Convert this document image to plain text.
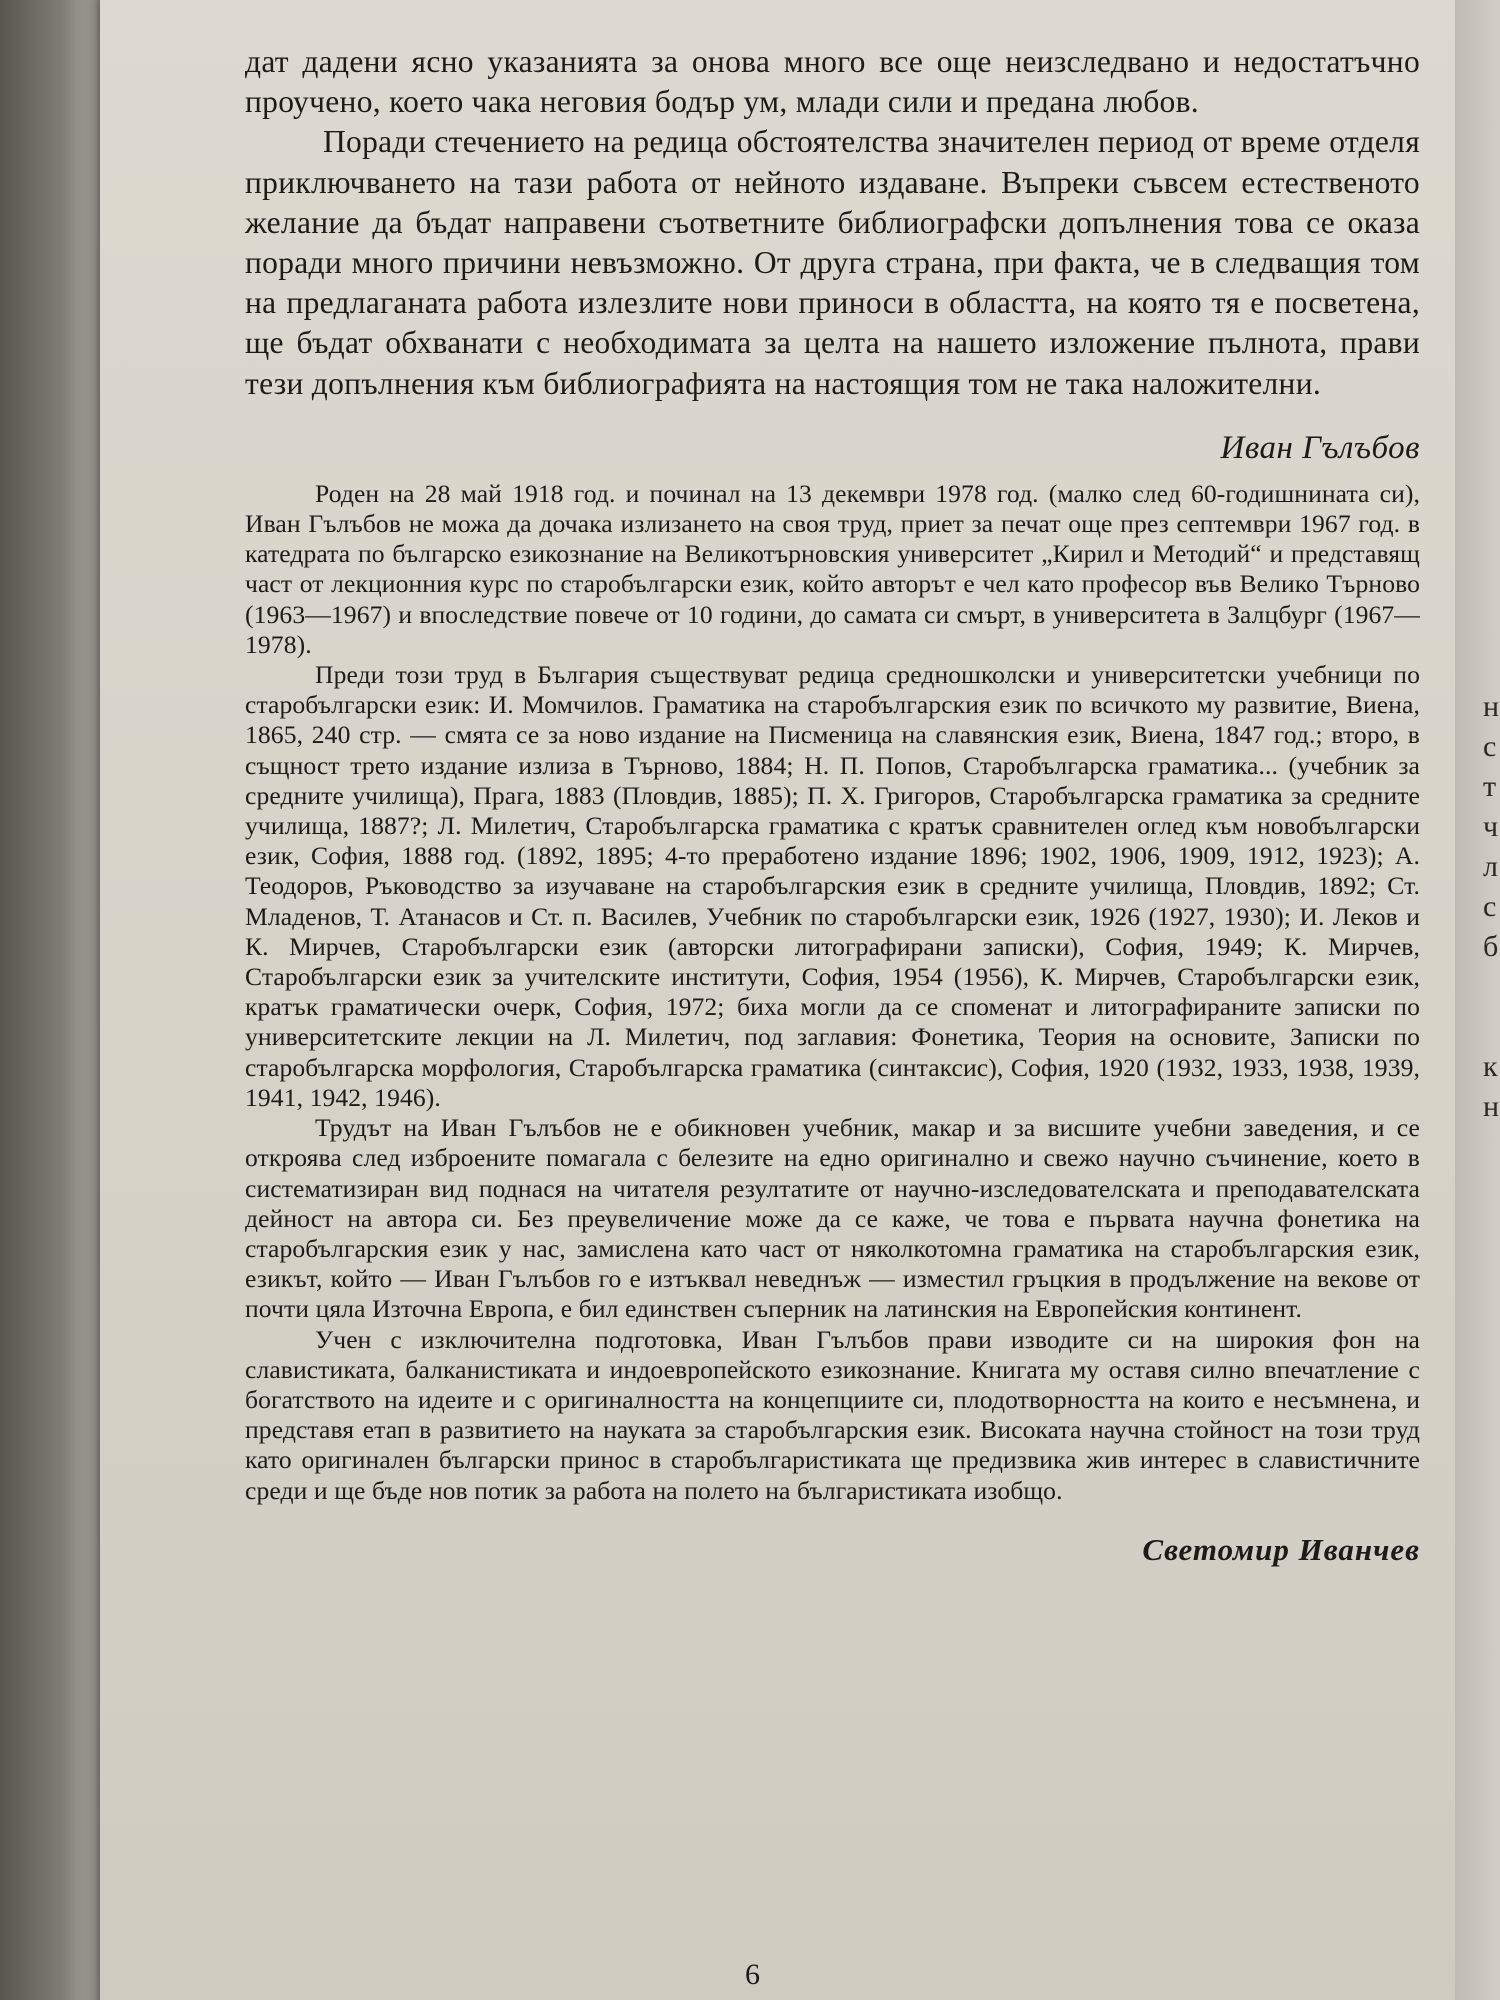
н
с
т
ч
л
с
б
к
н

дат дадени ясно указанията за онова много все още неизследвано и недостатъчно проучено, което чака неговия бодър ум, млади сили и предана любов.

Поради стечението на редица обстоятелства значителен период от време отделя приключването на тази работа от нейното издаване. Въпреки съвсем естественото желание да бъдат направени съответните библиографски допълнения това се оказа поради много причини невъзможно. От друга страна, при факта, че в следващия том на предлаганата работа излезлите нови приноси в областта, на която тя е посветена, ще бъдат обхванати с необходимата за целта на нашето изложение пълнота, прави тези допълнения към библиографията на настоящия том не така наложителни.

Иван Гълъбов

Роден на 28 май 1918 год. и починал на 13 декември 1978 год. (малко след 60-годишнината си), Иван Гълъбов не можа да дочака излизането на своя труд, приет за печат още през септември 1967 год. в катедрата по българско езикознание на Великотърновския университет „Кирил и Методий“ и представящ част от лекционния курс по старобългарски език, който авторът е чел като професор във Велико Търново (1963—1967) и впоследствие повече от 10 години, до самата си смърт, в университета в Залцбург (1967—1978).

Преди този труд в България съществуват редица средношколски и университетски учебници по старобългарски език: И. Момчилов. Граматика на старобългарския език по всичкото му развитие, Виена, 1865, 240 стр. — смята се за ново издание на Писменица на славянския език, Виена, 1847 год.; второ, в същност трето издание излиза в Търново, 1884; Н. П. Попов, Старобългарска граматика... (учебник за средните училища), Прага, 1883 (Пловдив, 1885); П. Х. Григоров, Старобългарска граматика за средните училища, 1887?; Л. Милетич, Старобългарска граматика с кратък сравнителен оглед към новобългарски език, София, 1888 год. (1892, 1895; 4-то преработено издание 1896; 1902, 1906, 1909, 1912, 1923); А. Теодоров, Ръководство за изучаване на старобългарския език в средните училища, Пловдив, 1892; Ст. Младенов, Т. Атанасов и Ст. п. Василев, Учебник по старобългарски език, 1926 (1927, 1930); И. Леков и К. Мирчев, Старобългарски език (авторски литографирани записки), София, 1949; К. Мирчев, Старобългарски език за учителските институти, София, 1954 (1956), К. Мирчев, Старобългарски език, кратък граматически очерк, София, 1972; биха могли да се споменат и литографираните записки по университетските лекции на Л. Милетич, под заглавия: Фонетика, Теория на основите, Записки по старобългарска морфология, Старобългарска граматика (синтаксис), София, 1920 (1932, 1933, 1938, 1939, 1941, 1942, 1946).

Трудът на Иван Гълъбов не е обикновен учебник, макар и за висшите учебни заведения, и се откроява след изброените помагала с белезите на едно оригинално и свежо научно съчинение, което в систематизиран вид поднася на читателя резултатите от научно-изследователската и преподавателската дейност на автора си. Без преувеличение може да се каже, че това е първата научна фонетика на старобългарския език у нас, замислена като част от няколкотомна граматика на старобългарския език, езикът, който — Иван Гълъбов го е изтъквал неведнъж — изместил гръцкия в продължение на векове от почти цяла Източна Европа, е бил единствен съперник на латинския на Европейския континент.

Учен с изключителна подготовка, Иван Гълъбов прави изводите си на широкия фон на славистиката, балканистиката и индоевропейското езикознание. Книгата му оставя силно впечатление с богатството на идеите и с оригиналността на концепциите си, плодотворността на които е несъмнена, и представя етап в развитието на науката за старобългарския език. Високата научна стойност на този труд като оригинален български принос в старобългаристиката ще предизвика жив интерес в славистичните среди и ще бъде нов потик за работа на полето на българистиката изобщо.

Светомир Иванчев
6
